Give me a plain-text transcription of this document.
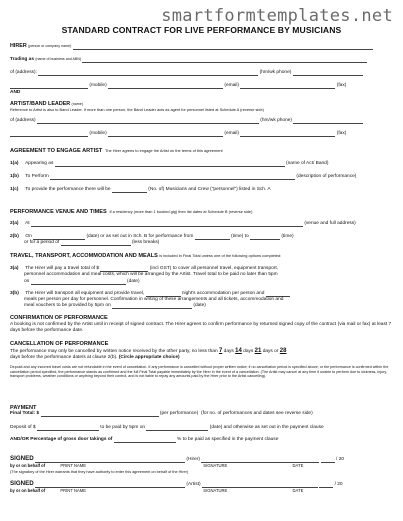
smartformtemplates.net
STANDARD CONTRACT FOR LIVE PERFORMANCE BY MUSICIANS
HIRER (person or company name)
Trading as (name of business and ABN)
of (address):	(hm/wk phone)
(mobile)	(email)	(fax)
AND
ARTIST/BAND LEADER (name)
Reference to Artist is also to Band Leader. If more than one person, the Band Leader acts as agent for personnel listed at Schedule A (reverse side)
of (address)	(hm/wk phone)
(mobile)	(email)	(fax)
AGREEMENT TO ENGAGE ARTIST The Hirer agrees to engage the Artist on the terms of this agreement
1(a) Appearing as	(name of Act/ Band)
1(b) To Perform	(description of performance)
1(c) To provide the performance there will be	(No. of) Musicians and Crew ("personnel") listed in Sch. A
PERFORMANCE VENUE AND TIMES If a residency (more than 1 booked gig) then list dates at Schedule B (reverse side)
2(a) At	(venue and full address)
2(b) On	(date) or as set out in Sch. B for performance from	(time) to	(time)
or for a period of	(less breaks)
TRAVEL, TRANSPORT, ACCOMMODATION AND MEALS is included in Final Total unless one of the following options completed:
3(a) The Hirer will pay a travel total of $	(incl GST) to cover all personnel travel, equipment transport,
personnel accommodation and meal costs, which will be arranged by the Artist. Travel total to be paid no later than 5pm
on	(date)
3(b) The Hirer will transport all equipment and provide travel,	night's accommodation per person and
meals per person per day for personnel. Confirmation in writing of these arrangements and all tickets, accommodation and
meal vouchers to be provided by 5pm on	(date)
CONFIRMATION OF PERFORMANCE
A booking is not confirmed by the Artist until in receipt of signed contract. The Hirer agrees to confirm performance by returned signed copy of the contract (via mail or fax) at least 7 days before the performance date.
CANCELLATION OF PERFORMANCE
The performance may only be cancelled by written notice received by the other party, no less than 7 days 14 days 21 days or 28
days before the performance date/s at clause 2(b). (Circle appropriate choice)
Deposit and any incurred travel costs are not refundable in the event of cancellation. If any performance is cancelled without proper written notice; if no cancellation period is specified above; or the performance is confirmed within the cancellation period specified, the performance stands as confirmed and the full Final Total payable immediately by the Hirer in the event of a cancellation. (The Artist may cancel at any time if unable to perform due to sickness, injury, transport problems, weather conditions or anything beyond their control, and is not liable to repay any amounts paid by the Hirer prior to the Artist cancelling).
PAYMENT
Final Total: $	(per performance) (for no. of performances and dates see reverse side)
Deposit of $	to be paid by 5pm on	(date) and otherwise as set out in the payment clause
AND/OR Percentage of gross door takings of	% to be paid as specified in the payment clause
SIGNED	(Hirer)	/ 20
by or on behalf of	PRINT NAME	SIGNATURE	DATE
(The signatory of the Hirer warrants that they have authority to enter this agreement on behalf of the Hirer)
SIGNED	(Artist)	/ 20
by or on behalf of	PRINT NAME	SIGNATURE	DATE
